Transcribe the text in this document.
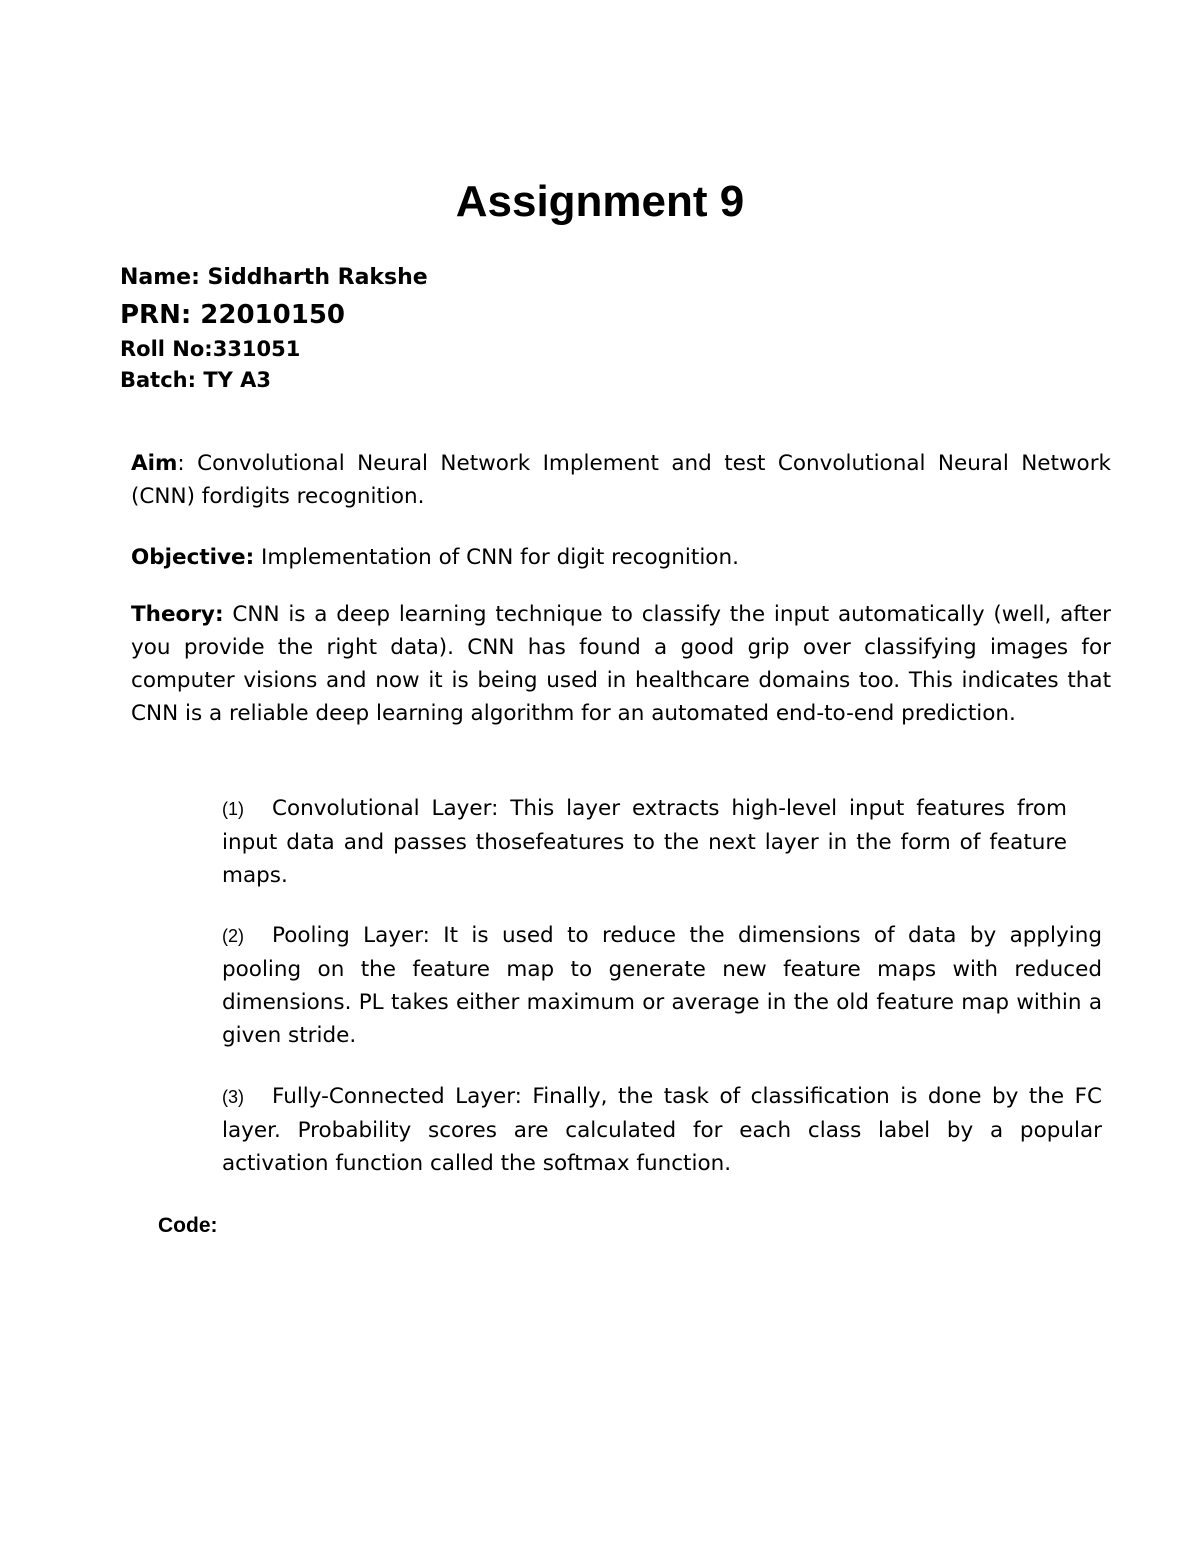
Assignment 9
Name: Siddharth Rakshe
PRN: 22010150
Roll No:331051
Batch: TY A3
Aim: Convolutional Neural Network Implement and test Convolutional Neural Network (CNN) fordigits recognition.
Objective: Implementation of CNN for digit recognition.
Theory: CNN is a deep learning technique to classify the input automatically (well, after you provide the right data). CNN has found a good grip over classifying images for computer visions and now it is being used in healthcare domains too. This indicates that CNN is a reliable deep learning algorithm for an automated end-to-end prediction.
(1) Convolutional Layer: This layer extracts high-level input features from input data and passes thosefeatures to the next layer in the form of feature maps.
(2) Pooling Layer: It is used to reduce the dimensions of data by applying pooling on the feature map to generate new feature maps with reduced dimensions. PL takes either maximum or average in the old feature map within a given stride.
(3) Fully-Connected Layer: Finally, the task of classification is done by the FC layer. Probability scores are calculated for each class label by a popular activation function called the softmax function.
Code:
